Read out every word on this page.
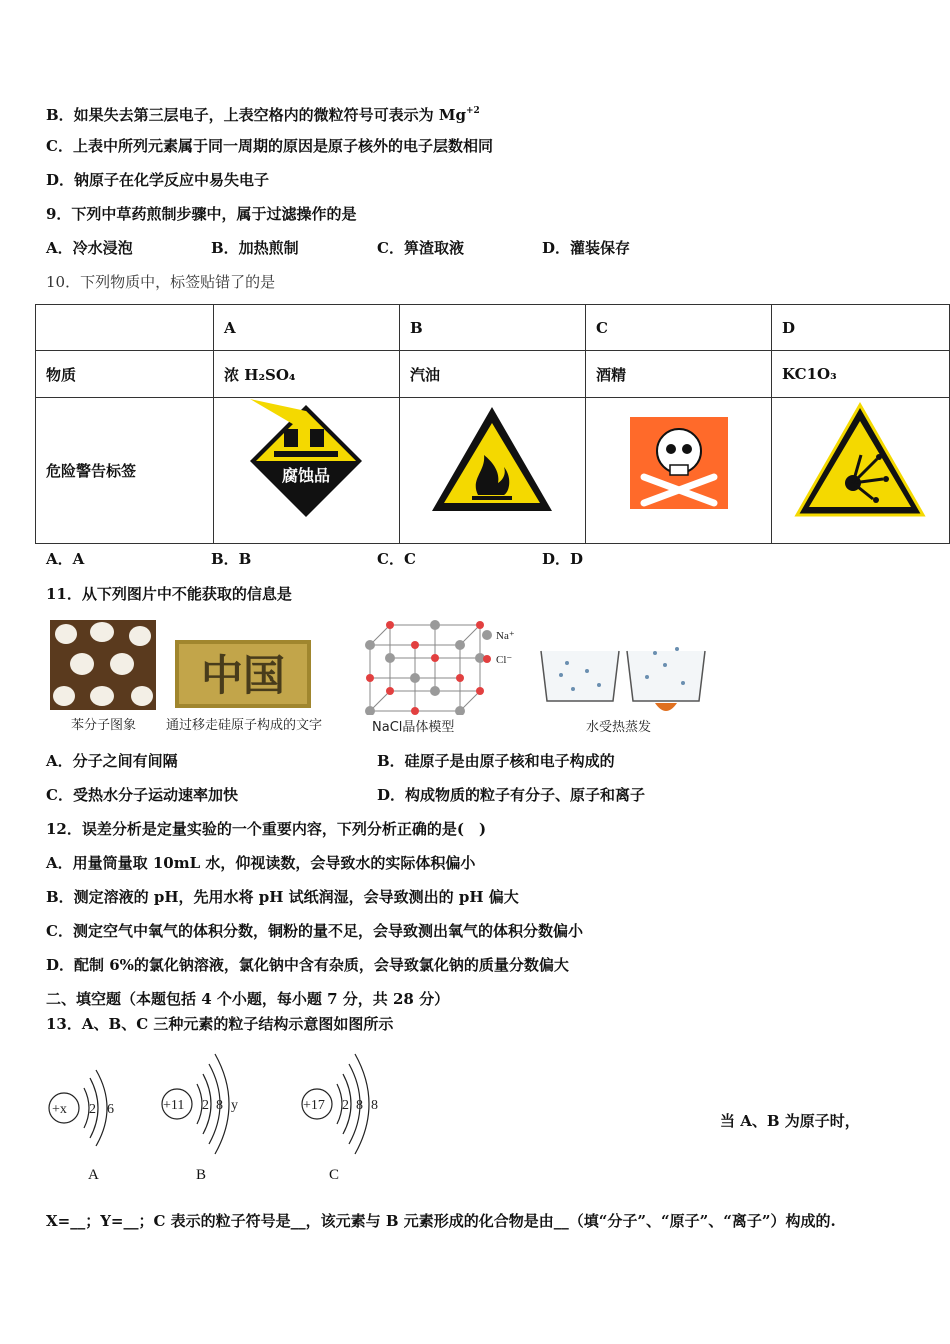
B．如果失去第三层电子，上表空格内的微粒符号可表示为 $Mg^{+2}$
C．上表中所列元素属于同一周期的原因是原子核外的电子层数相同
D．钠原子在化学反应中易失电子
9．下列中草药煎制步骤中，属于过滤操作的是
A．冷水浸泡	B．加热煎制	C．箅渣取液	D．灌装保存
10．下列物质中，标签贴错了的是
	A	B	C	D
物质	浓 H₂SO₄	汽油	酒精	KC1O₃
危险警告标签	腐蚀品

A．A	B．B	C．C	D．D
11．从下列图片中不能获取的信息是
中国
Na⁺
Cl⁻
苯分子图象 通过移走硅原子构成的文字	NaCl晶体模型	水受热蒸发
A．分子之间有间隔	B．硅原子是由原子核和电子构成的
C．受热水分子运动速率加快	D．构成物质的粒子有分子、原子和离子
12．误差分析是定量实验的一个重要内容，下列分析正确的是(　)
A．用量筒量取 10mL 水，仰视读数，会导致水的实际体积偏小
B．测定溶液的 pH，先用水将 pH 试纸润湿，会导致测出的 pH 偏大
C．测定空气中氧气的体积分数，铜粉的量不足，会导致测出氧气的体积分数偏小
D．配制 6%的氯化钠溶液，氯化钠中含有杂质，会导致氯化钠的质量分数偏大
二、填空题（本题包括 4 个小题，每小题 7 分，共 28 分）
13．A、B、C 三种元素的粒子结构示意图如图所示
+x 2 6	+11 2 8 y	+17 2 8 8
A	B	C
当 A、B 为原子时，
X=__；Y=__；C 表示的粒子符号是__，该元素与 B 元素形成的化合物是由__（填“分子”、“原子”、“离子”）构成的.
